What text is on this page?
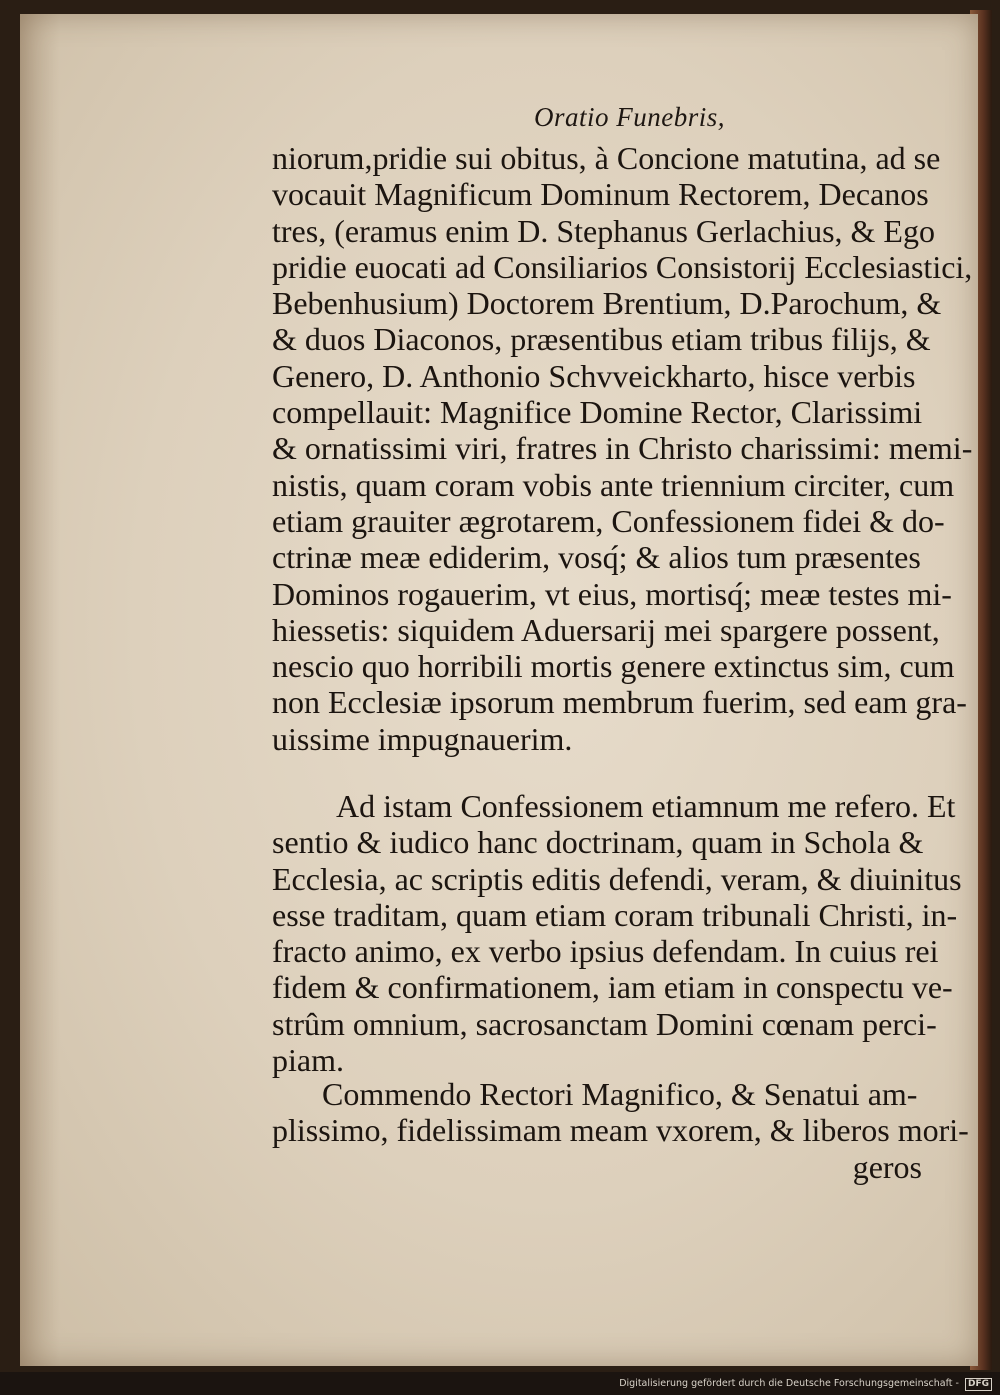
Oratio Funebris,
niorum,pridie sui obitus, à Concione matutina, ad se
vocauit Magnificum Dominum Rectorem, Decanos
tres, (eramus enim D. Stephanus Gerlachius, & Ego
pridie euocati ad Consiliarios Consistorij Ecclesiastici,
Bebenhusium) Doctorem Brentium, D.Parochum, &
& duos Diaconos, præsentibus etiam tribus filijs, &
Genero, D. Anthonio Schvveickharto, hisce verbis
compellauit: Magnifice Domine Rector, Clarissimi
& ornatissimi viri, fratres in Christo charissimi: memi-
nistis, quam coram vobis ante triennium circiter, cum
etiam grauiter ægrotarem, Confessionem fidei & do-
ctrinæ meæ ediderim, vosq́; & alios tum præsentes
Dominos rogauerim, vt eius, mortisq́; meæ testes mi-
hiessetis: siquidem Aduersarij mei spargere possent,
nescio quo horribili mortis genere extinctus sim, cum
non Ecclesiæ ipsorum membrum fuerim, sed eam gra-
uissime impugnauerim.
Ad istam Confessionem etiamnum me refero. Et
sentio & iudico hanc doctrinam, quam in Schola &
Ecclesia, ac scriptis editis defendi, veram, & diuinitus
esse traditam, quam etiam coram tribunali Christi, in-
fracto animo, ex verbo ipsius defendam. In cuius rei
fidem & confirmationem, iam etiam in conspectu ve-
strûm omnium, sacrosanctam Domini cœnam perci-
piam.
Commendo Rectori Magnifico, & Senatui am-
plissimo, fidelissimam meam vxorem, & liberos mori-
geros
Digitalisierung gefördert durch die Deutsche Forschungsgemeinschaft - DFG
